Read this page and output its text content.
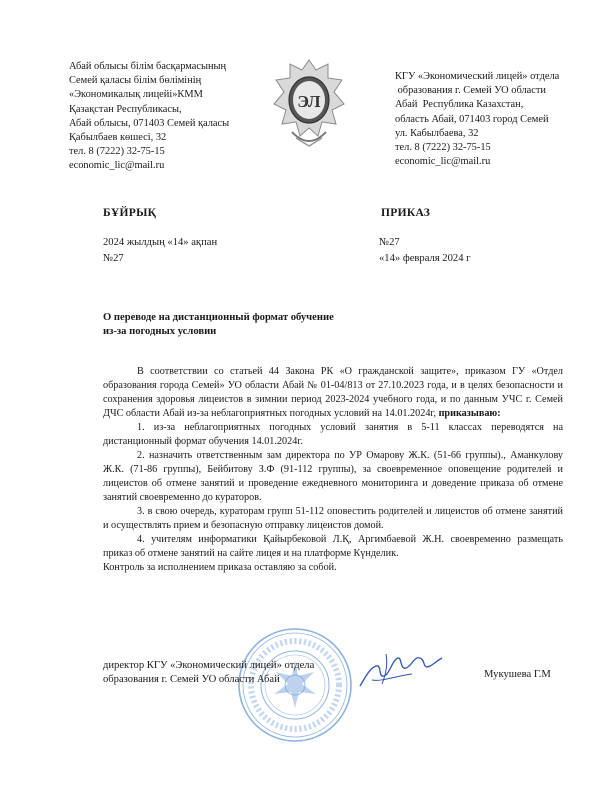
Абай облысы білім басқармасының
Семей қаласы білім бөлімінің
«Экономикалық лицейі»КММ
Қазақстан Республикасы,
Абай облысы, 071403 Семей қаласы
Қабылбаев көшесі, 32
тел. 8 (7222) 32-75-15
economic_lic@mail.ru
ЭЛ
КГУ «Экономический лицей» отдела
образования г. Семей УО области
Абай  Республика Казахстан,
область Абай, 071403 город Семей
ул. Кабылбаева, 32
тел. 8 (7222) 32-75-15
economic_lic@mail.ru
БҰЙРЫҚ	ПРИКАЗ
2024 жылдың «14» ақпан
№27
№27
«14» февраля 2024 г
О переводе на дистанционный формат обучение
из-за погодных условии

В соответствии со статьей 44 Закона РК «О гражданской защите», приказом ГУ «Отдел образования города Семей» УО области Абай № 01-04/813 от 27.10.2023 года, и в целях безопасности и сохранения здоровья лицеистов в зимнии период 2023-2024 учебного года, и по данным УЧС г. Семей ДЧС области Абай из-за неблагоприятных погодных условий на 14.01.2024г, приказываю:

1. из-за неблагоприятных погодных условий занятия в 5-11 классах переводятся на дистанционный формат обучения 14.01.2024г.

2. назначить ответственным зам директора по УР Омарову Ж.К. (51-66 группы)., Аманкулову Ж.К. (71-86 группы), Бейбитову З.Ф (91-112 группы), за своевременное оповещение родителей и лицеистов об отмене занятий и проведение ежедневного мониторинга и доведение приказа об отмене занятий своевременно до кураторов.

3. в свою очередь, кураторам групп 51-112 оповестить родителей и лицеистов об отмене занятий и осуществлять прием и безопасную отправку лицеистов домой.

4. учителям информатики Қайырбековой Л.Қ, Аргимбаевой Ж.Н. своевременно размещать приказ об отмене занятий на сайте лицея и на платформе Күнделик.

Контроль за исполнением приказа оставляю за собой.

директор КГУ «Экономический лицей» отдела
образования г. Семей УО области Абай	Мукушева Г.М
